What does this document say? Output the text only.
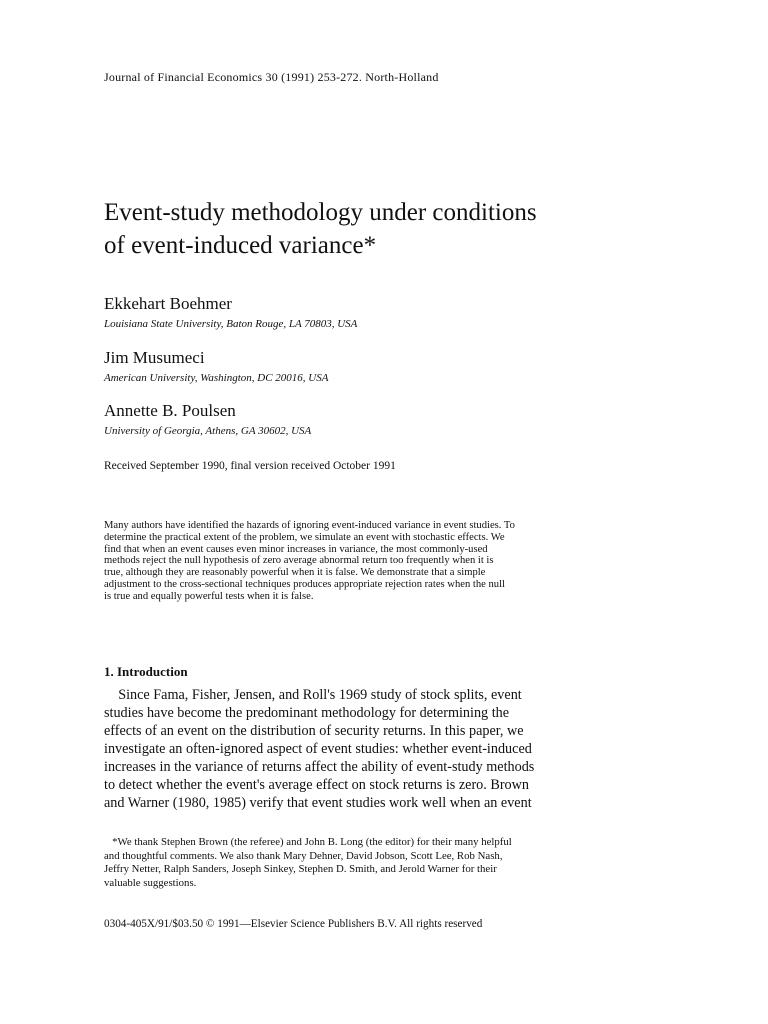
Journal of Financial Economics 30 (1991) 253-272. North-Holland
Event-study methodology under conditions
of event-induced variance*
Ekkehart Boehmer
Louisiana State University, Baton Rouge, LA 70803, USA
Jim Musumeci
American University, Washington, DC 20016, USA
Annette B. Poulsen
University of Georgia, Athens, GA 30602, USA
Received September 1990, final version received October 1991

Many authors have identified the hazards of ignoring event-induced variance in event studies. To
determine the practical extent of the problem, we simulate an event with stochastic effects. We
find that when an event causes even minor increases in variance, the most commonly-used
methods reject the null hypothesis of zero average abnormal return too frequently when it is
true, although they are reasonably powerful when it is false. We demonstrate that a simple
adjustment to the cross-sectional techniques produces appropriate rejection rates when the null
is true and equally powerful tests when it is false.

1. Introduction

Since Fama, Fisher, Jensen, and Roll's 1969 study of stock splits, event
studies have become the predominant methodology for determining the
effects of an event on the distribution of security returns. In this paper, we
investigate an often-ignored aspect of event studies: whether event-induced
increases in the variance of returns affect the ability of event-study methods
to detect whether the event's average effect on stock returns is zero. Brown
and Warner (1980, 1985) verify that event studies work well when an event

*We thank Stephen Brown (the referee) and John B. Long (the editor) for their many helpful
and thoughtful comments. We also thank Mary Dehner, David Jobson, Scott Lee, Rob Nash,
Jeffry Netter, Ralph Sanders, Joseph Sinkey, Stephen D. Smith, and Jerold Warner for their
valuable suggestions.

0304-405X/91/$03.50 © 1991—Elsevier Science Publishers B.V. All rights reserved
